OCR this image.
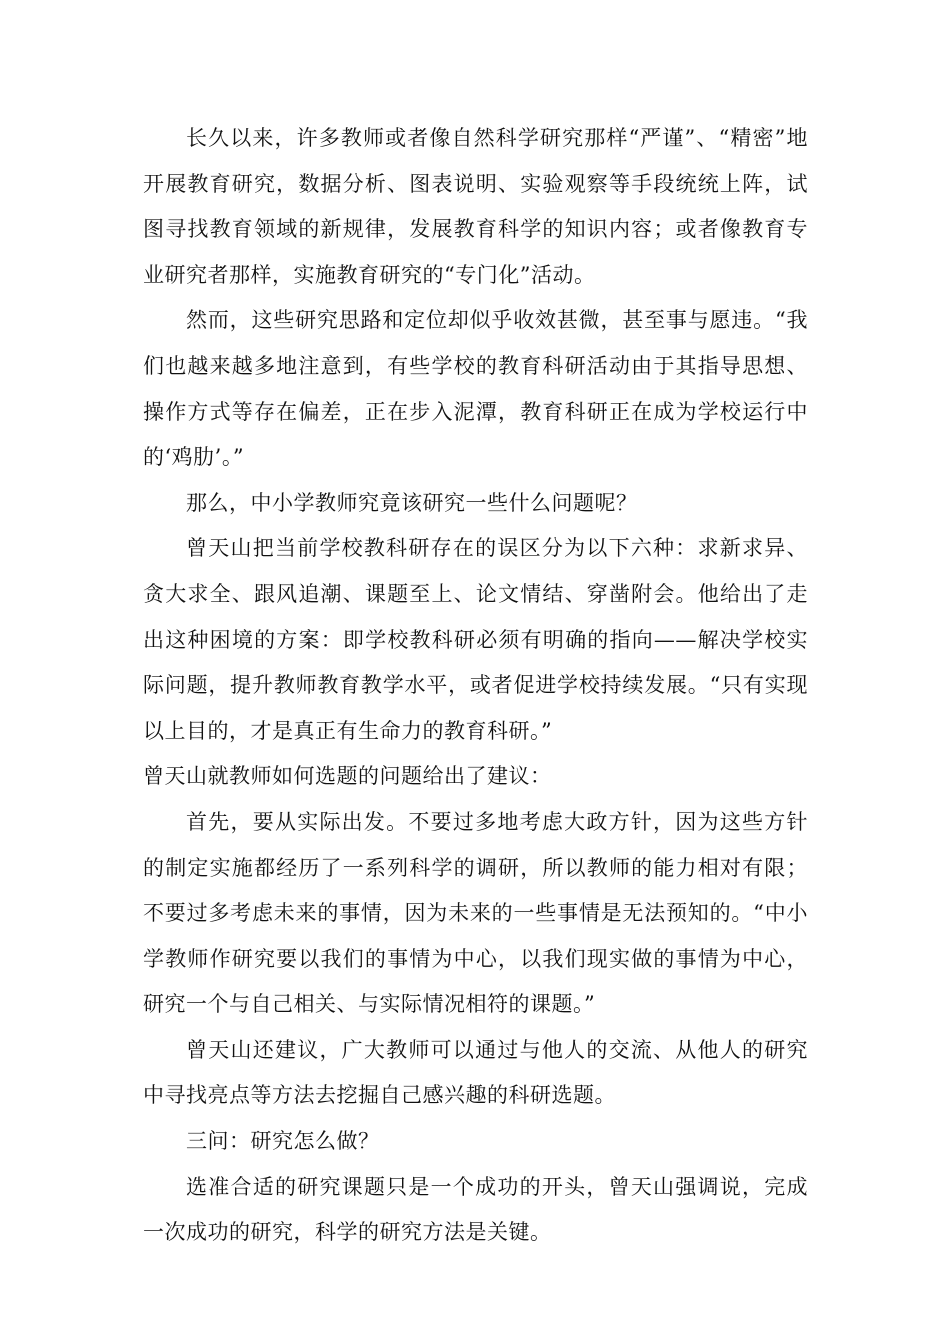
长久以来，许多教师或者像自然科学研究那样“严谨”、“精密”地开展教育研究，数据分析、图表说明、实验观察等手段统统上阵，试图寻找教育领域的新规律，发展教育科学的知识内容；或者像教育专业研究者那样，实施教育研究的“专门化”活动。

然而，这些研究思路和定位却似乎收效甚微，甚至事与愿违。“我们也越来越多地注意到，有些学校的教育科研活动由于其指导思想、操作方式等存在偏差，正在步入泥潭，教育科研正在成为学校运行中的‘鸡肋’。”

那么，中小学教师究竟该研究一些什么问题呢？

曾天山把当前学校教科研存在的误区分为以下六种：求新求异、贪大求全、跟风追潮、课题至上、论文情结、穿凿附会。他给出了走出这种困境的方案：即学校教科研必须有明确的指向——解决学校实际问题，提升教师教育教学水平，或者促进学校持续发展。“只有实现以上目的，才是真正有生命力的教育科研。”

曾天山就教师如何选题的问题给出了建议：

首先，要从实际出发。不要过多地考虑大政方针，因为这些方针的制定实施都经历了一系列科学的调研，所以教师的能力相对有限；不要过多考虑未来的事情，因为未来的一些事情是无法预知的。“中小学教师作研究要以我们的事情为中心，以我们现实做的事情为中心，研究一个与自己相关、与实际情况相符的课题。”

曾天山还建议，广大教师可以通过与他人的交流、从他人的研究中寻找亮点等方法去挖掘自己感兴趣的科研选题。

三问：研究怎么做？

选准合适的研究课题只是一个成功的开头，曾天山强调说，完成一次成功的研究，科学的研究方法是关键。
